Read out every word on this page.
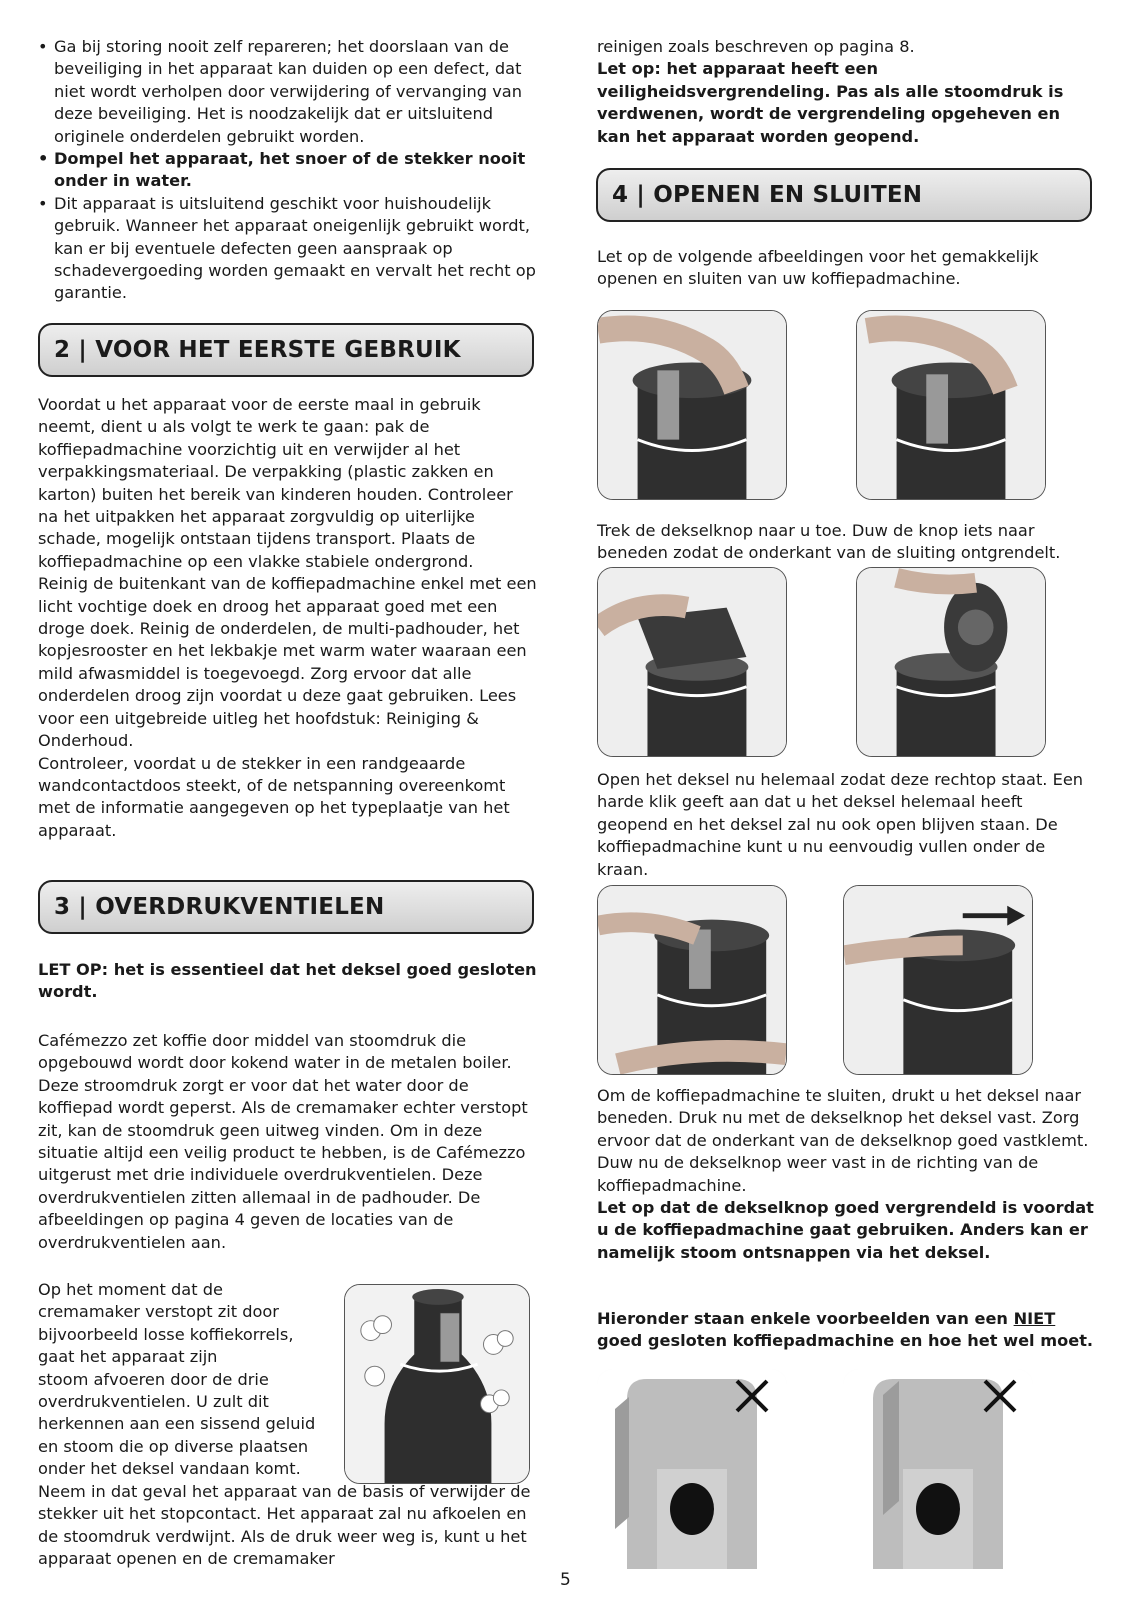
• Ga bij storing nooit zelf repareren; het doorslaan van de beveiliging in het apparaat kan duiden op een defect, dat niet wordt verholpen door verwijdering of vervanging van deze beveiliging. Het is noodzakelijk dat er uitsluitend originele onderdelen gebruikt worden.
• Dompel het apparaat, het snoer of de stekker nooit onder in water.
• Dit apparaat is uitsluitend geschikt voor huishoudelijk gebruik. Wanneer het apparaat oneigenlijk gebruikt wordt, kan er bij eventuele defecten geen aanspraak op schadevergoeding worden gemaakt en vervalt het recht op garantie.
2 | VOOR HET EERSTE GEBRUIK

Voordat u het apparaat voor de eerste maal in gebruik neemt, dient u als volgt te werk te gaan: pak de koffiepadmachine voorzichtig uit en verwijder al het verpakkingsmateriaal. De verpakking (plastic zakken en karton) buiten het bereik van kinderen houden. Controleer na het uitpakken het apparaat zorgvuldig op uiterlijke schade, mogelijk ontstaan tijdens transport. Plaats de koffiepadmachine op een vlakke stabiele ondergrond.

Reinig de buitenkant van de koffiepadmachine enkel met een licht vochtige doek en droog het apparaat goed met een droge doek. Reinig de onderdelen, de multi-padhouder, het kopjesrooster en het lekbakje met warm water waaraan een mild afwasmiddel is toegevoegd. Zorg ervoor dat alle onderdelen droog zijn voordat u deze gaat gebruiken. Lees voor een uitgebreide uitleg het hoofdstuk: Reiniging & Onderhoud.

Controleer, voordat u de stekker in een randgeaarde wandcontactdoos steekt, of de netspanning overeenkomt met de informatie aangegeven op het typeplaatje van het apparaat.

3 | OVERDRUKVENTIELEN

LET OP: het is essentieel dat het deksel goed gesloten wordt.

Cafémezzo zet koffie door middel van stoomdruk die opgebouwd wordt door kokend water in de metalen boiler. Deze stroomdruk zorgt er voor dat het water door de koffiepad wordt geperst. Als de cremamaker echter verstopt zit, kan de stoomdruk geen uitweg vinden. Om in deze situatie altijd een veilig product te hebben, is de Cafémezzo uitgerust met drie individuele overdrukventielen. Deze overdrukventielen zitten allemaal in de padhouder. De afbeeldingen op pagina 4 geven de locaties van de overdrukventielen aan.

Op het moment dat de

cremamaker verstopt zit door

bijvoorbeeld losse koffiekorrels,

gaat het apparaat zijn

stoom afvoeren door de drie

overdrukventielen. U zult dit

herkennen aan een sissend geluid

en stoom die op diverse plaatsen

onder het deksel vandaan komt.

Neem in dat geval het apparaat van de basis of verwijder de stekker uit het stopcontact. Het apparaat zal nu afkoelen en de stoomdruk verdwijnt. Als de druk weer weg is, kunt u het apparaat openen en de cremamaker

reinigen zoals beschreven op pagina 8.

Let op: het apparaat heeft een veiligheidsvergrendeling. Pas als alle stoomdruk is verdwenen, wordt de vergrendeling opgeheven en kan het apparaat worden geopend.

4 | OPENEN EN SLUITEN

Let op de volgende afbeeldingen voor het gemakkelijk openen en sluiten van uw koffiepadmachine.

Trek de dekselknop naar u toe. Duw de knop iets naar beneden zodat de onderkant van de sluiting ontgrendelt.

Open het deksel nu helemaal zodat deze rechtop staat. Een harde klik geeft aan dat u het deksel helemaal heeft geopend en het deksel zal nu ook open blijven staan. De koffiepadmachine kunt u nu eenvoudig vullen onder de kraan.

Om de koffiepadmachine te sluiten, drukt u het deksel naar beneden. Druk nu met de dekselknop het deksel vast. Zorg ervoor dat de onderkant van de dekselknop goed vastklemt.

Duw nu de dekselknop weer vast in de richting van de koffiepadmachine.

Let op dat de dekselknop goed vergrendeld is voordat u de koffiepadmachine gaat gebruiken. Anders kan er namelijk stoom ontsnappen via het deksel.

Hieronder staan enkele voorbeelden van een NIET goed gesloten koffiepadmachine en hoe het wel moet.

5
